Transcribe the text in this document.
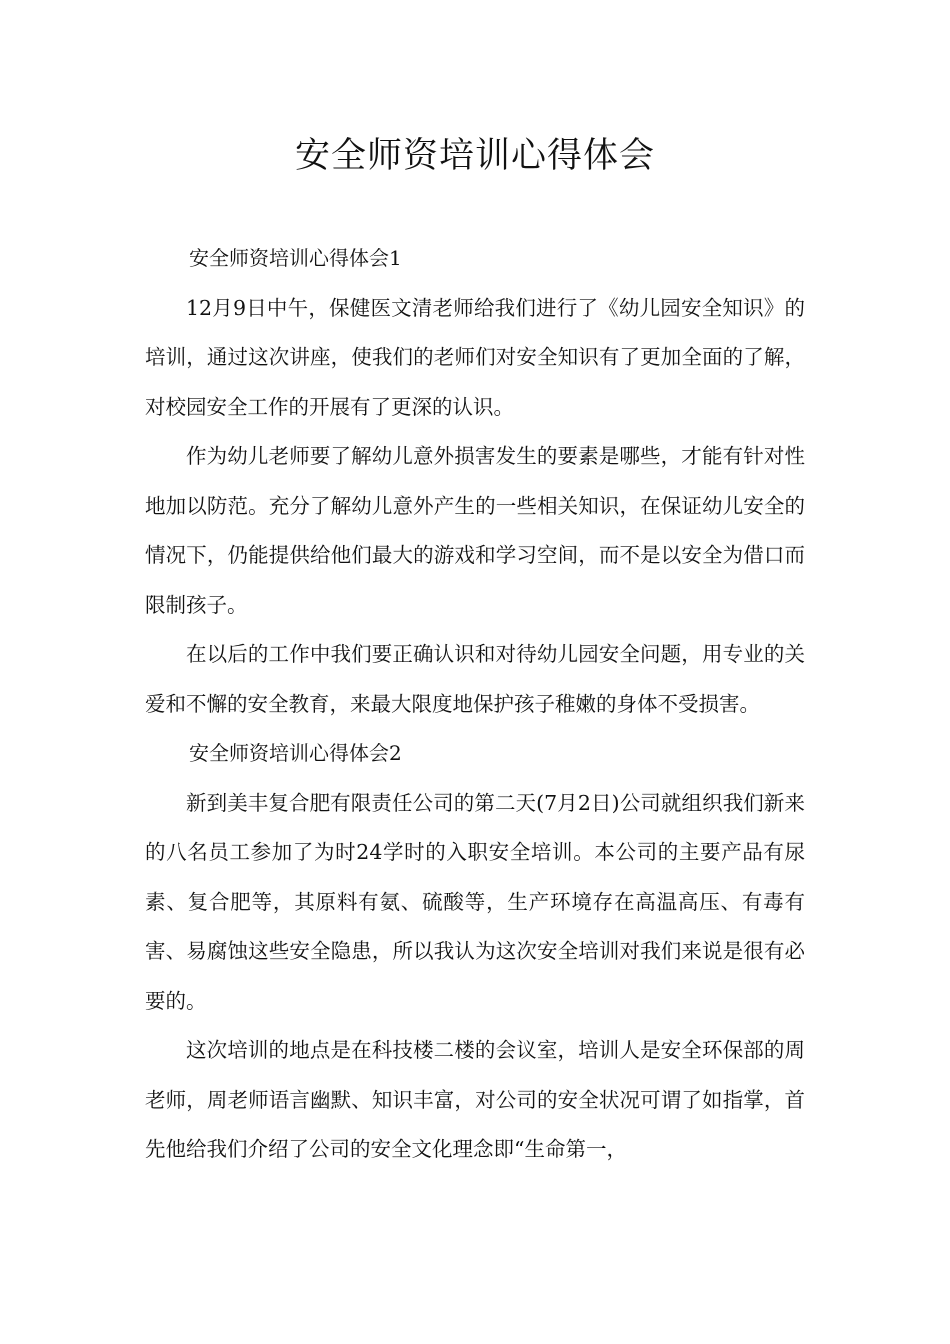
安全师资培训心得体会

安全师资培训心得体会1

12月9日中午，保健医文清老师给我们进行了《幼儿园安全知识》的培训，通过这次讲座，使我们的老师们对安全知识有了更加全面的了解，对校园安全工作的开展有了更深的认识。

作为幼儿老师要了解幼儿意外损害发生的要素是哪些，才能有针对性地加以防范。充分了解幼儿意外产生的一些相关知识，在保证幼儿安全的情况下，仍能提供给他们最大的游戏和学习空间，而不是以安全为借口而限制孩子。

在以后的工作中我们要正确认识和对待幼儿园安全问题，用专业的关爱和不懈的安全教育，来最大限度地保护孩子稚嫩的身体不受损害。

安全师资培训心得体会2

新到美丰复合肥有限责任公司的第二天(7月2日)公司就组织我们新来的八名员工参加了为时24学时的入职安全培训。本公司的主要产品有尿素、复合肥等，其原料有氨、硫酸等，生产环境存在高温高压、有毒有害、易腐蚀这些安全隐患，所以我认为这次安全培训对我们来说是很有必要的。

这次培训的地点是在科技楼二楼的会议室，培训人是安全环保部的周老师，周老师语言幽默、知识丰富，对公司的安全状况可谓了如指掌，首先他给我们介绍了公司的安全文化理念即“生命第一，
